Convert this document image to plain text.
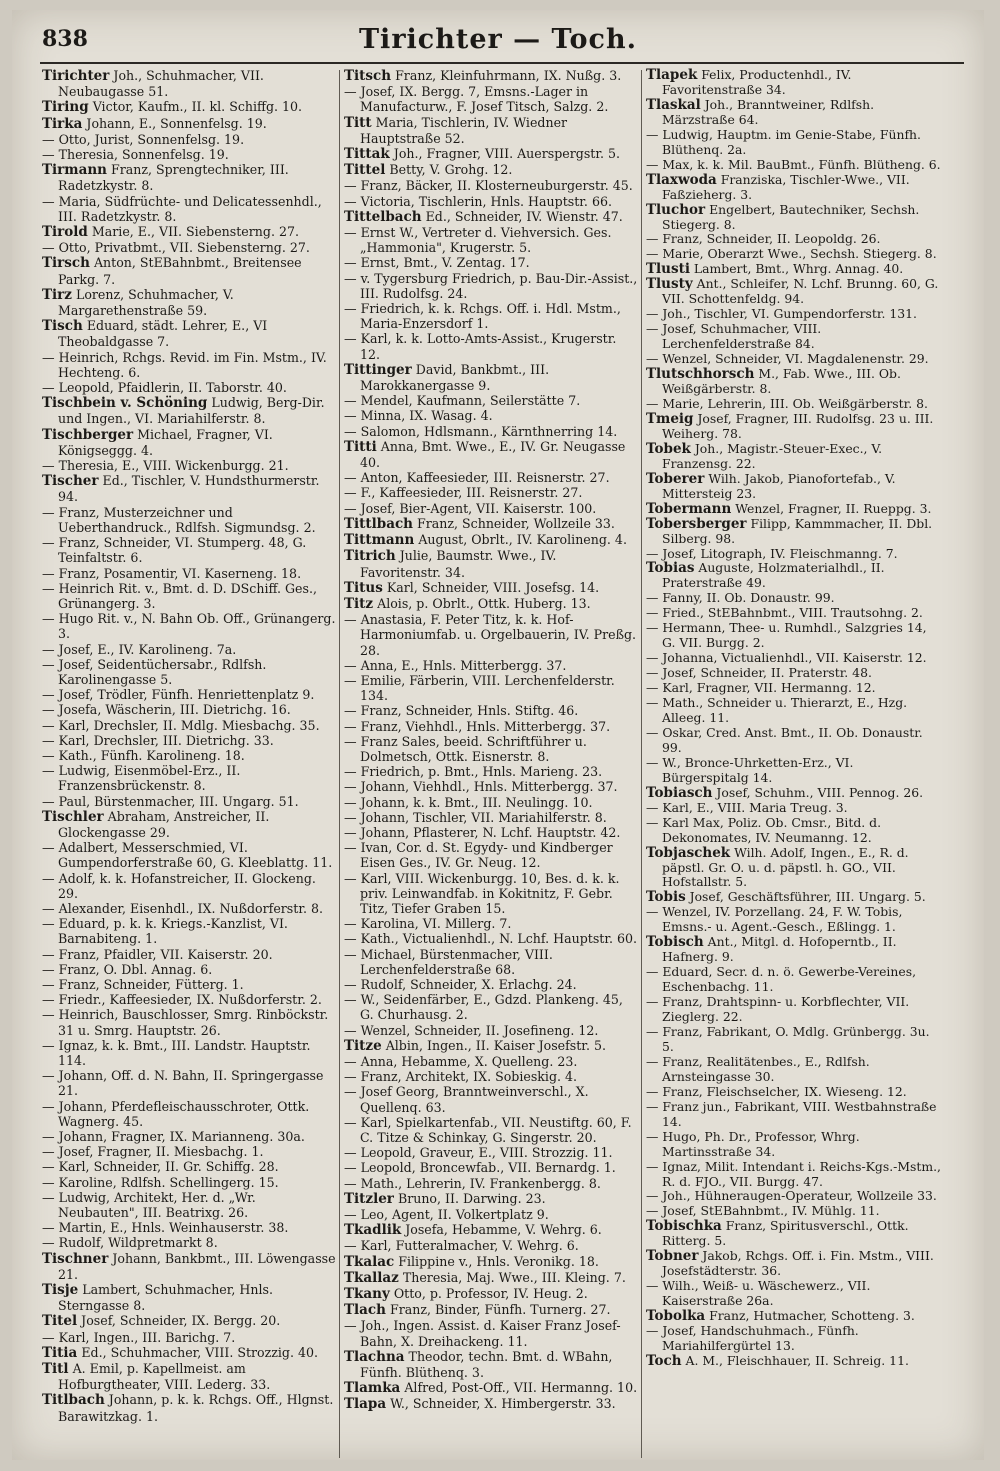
838	Tirichter — Toch.

Tirichter Joh., Schuhmacher, VII. Neubaugasse 51.

Tiring Victor, Kaufm., II. kl. Schiffg. 10.

Tirka Johann, E., Sonnenfelsg. 19.

— Otto, Jurist, Sonnenfelsg. 19.

— Theresia, Sonnenfelsg. 19.

Tirmann Franz, Sprengtechniker, III. Radetzkystr. 8.

— Maria, Südfrüchte- und Delicatessenhdl., III. Radetzkystr. 8.

Tirold Marie, E., VII. Siebensterng. 27.

— Otto, Privatbmt., VII. Siebensterng. 27.

Tirsch Anton, StEBahnbmt., Breitensee Parkg. 7.

Tirz Lorenz, Schuhmacher, V. Margarethenstraße 59.

Tisch Eduard, städt. Lehrer, E., VI Theobaldgasse 7.

— Heinrich, Rchgs. Revid. im Fin. Mstm., IV. Hechteng. 6.

— Leopold, Pfaidlerin, II. Taborstr. 40.

Tischbein v. Schöning Ludwig, Berg-Dir. und Ingen., VI. Mariahilferstr. 8.

Tischberger Michael, Fragner, VI. Königseggg. 4.

— Theresia, E., VIII. Wickenburgg. 21.

Tischer Ed., Tischler, V. Hundsthurmerstr. 94.

— Franz, Musterzeichner und Ueberthandruck., Rdlfsh. Sigmundsg. 2.

— Franz, Schneider, VI. Stumperg. 48, G. Teinfaltstr. 6.

— Franz, Posamentir, VI. Kaserneng. 18.

— Heinrich Rit. v., Bmt. d. D. DSchiff. Ges., Grünangerg. 3.

— Hugo Rit. v., N. Bahn Ob. Off., Grünangerg. 3.

— Josef, E., IV. Karolineng. 7a.

— Josef, Seidentüchersabr., Rdlfsh. Karolinengasse 5.

— Josef, Trödler, Fünfh. Henriettenplatz 9.

— Josefa, Wäscherin, III. Dietrichg. 16.

— Karl, Drechsler, II. Mdlg. Miesbachg. 35.

— Karl, Drechsler, III. Dietrichg. 33.

— Kath., Fünfh. Karolineng. 18.

— Ludwig, Eisenmöbel-Erz., II. Franzensbrückenstr. 8.

— Paul, Bürstenmacher, III. Ungarg. 51.

Tischler Abraham, Anstreicher, II. Glockengasse 29.

— Adalbert, Messerschmied, VI. Gumpendorferstraße 60, G. Kleeblattg. 11.

— Adolf, k. k. Hofanstreicher, II. Glockeng. 29.

— Alexander, Eisenhdl., IX. Nußdorferstr. 8.

— Eduard, p. k. k. Kriegs.-Kanzlist, VI. Barnabiteng. 1.

— Franz, Pfaidler, VII. Kaiserstr. 20.

— Franz, O. Dbl. Annag. 6.

— Franz, Schneider, Fütterg. 1.

— Friedr., Kaffeesieder, IX. Nußdorferstr. 2.

— Heinrich, Bauschlosser, Smrg. Rinböckstr. 31 u. Smrg. Hauptstr. 26.

— Ignaz, k. k. Bmt., III. Landstr. Hauptstr. 114.

— Johann, Off. d. N. Bahn, II. Springergasse 21.

— Johann, Pferdefleischausschroter, Ottk. Wagnerg. 45.

— Johann, Fragner, IX. Marianneng. 30a.

— Josef, Fragner, II. Miesbachg. 1.

— Karl, Schneider, II. Gr. Schiffg. 28.

— Karoline, Rdlfsh. Schellingerg. 15.

— Ludwig, Architekt, Her. d. „Wr. Neubauten", III. Beatrixg. 26.

— Martin, E., Hnls. Weinhauserstr. 38.

— Rudolf, Wildpretmarkt 8.

Tischner Johann, Bankbmt., III. Löwengasse 21.

Tisje Lambert, Schuhmacher, Hnls. Sterngasse 8.

Titel Josef, Schneider, IX. Bergg. 20.

— Karl, Ingen., III. Barichg. 7.

Titia Ed., Schuhmacher, VIII. Strozzig. 40.

Titl A. Emil, p. Kapellmeist. am Hofburgtheater, VIII. Lederg. 33.

Titlbach Johann, p. k. k. Rchgs. Off., Hlgnst. Barawitzkag. 1.

Titsch Franz, Kleinfuhrmann, IX. Nußg. 3.

— Josef, IX. Bergg. 7, Emsns.-Lager in Manufacturw., F. Josef Titsch, Salzg. 2.

Titt Maria, Tischlerin, IV. Wiedner Hauptstraße 52.

Tittak Joh., Fragner, VIII. Auerspergstr. 5.

Tittel Betty, V. Grohg. 12.

— Franz, Bäcker, II. Klosterneuburgerstr. 45.

— Victoria, Tischlerin, Hnls. Hauptstr. 66.

Tittelbach Ed., Schneider, IV. Wienstr. 47.

— Ernst W., Vertreter d. Viehversich. Ges. „Hammonia", Krugerstr. 5.

— Ernst, Bmt., V. Zentag. 17.

— v. Tygersburg Friedrich, p. Bau-Dir.-Assist., III. Rudolfsg. 24.

— Friedrich, k. k. Rchgs. Off. i. Hdl. Mstm., Maria-Enzersdorf 1.

— Karl, k. k. Lotto-Amts-Assist., Krugerstr. 12.

Tittinger David, Bankbmt., III. Marokkanergasse 9.

— Mendel, Kaufmann, Seilerstätte 7.

— Minna, IX. Wasag. 4.

— Salomon, Hdlsmann., Kärnthnerring 14.

Titti Anna, Bmt. Wwe., E., IV. Gr. Neugasse 40.

— Anton, Kaffeesieder, III. Reisnerstr. 27.

— F., Kaffeesieder, III. Reisnerstr. 27.

— Josef, Bier-Agent, VII. Kaiserstr. 100.

Tittlbach Franz, Schneider, Wollzeile 33.

Tittmann August, Obrlt., IV. Karolineng. 4.

Titrich Julie, Baumstr. Wwe., IV. Favoritenstr. 34.

Titus Karl, Schneider, VIII. Josefsg. 14.

Titz Alois, p. Obrlt., Ottk. Huberg. 13.

— Anastasia, F. Peter Titz, k. k. Hof-Harmoniumfab. u. Orgelbauerin, IV. Preßg. 28.

— Anna, E., Hnls. Mitterbergg. 37.

— Emilie, Färberin, VIII. Lerchenfelderstr. 134.

— Franz, Schneider, Hnls. Stiftg. 46.

— Franz, Viehhdl., Hnls. Mitterbergg. 37.

— Franz Sales, beeid. Schriftführer u. Dolmetsch, Ottk. Eisnerstr. 8.

— Friedrich, p. Bmt., Hnls. Marieng. 23.

— Johann, Viehhdl., Hnls. Mitterbergg. 37.

— Johann, k. k. Bmt., III. Neulingg. 10.

— Johann, Tischler, VII. Mariahilferstr. 8.

— Johann, Pflasterer, N. Lchf. Hauptstr. 42.

— Ivan, Cor. d. St. Egydy- und Kindberger Eisen Ges., IV. Gr. Neug. 12.

— Karl, VIII. Wickenburgg. 10, Bes. d. k. k. priv. Leinwandfab. in Kokitnitz, F. Gebr. Titz, Tiefer Graben 15.

— Karolina, VI. Millerg. 7.

— Kath., Victualienhdl., N. Lchf. Hauptstr. 60.

— Michael, Bürstenmacher, VIII. Lerchenfelderstraße 68.

— Rudolf, Schneider, X. Erlachg. 24.

— W., Seidenfärber, E., Gdzd. Plankeng. 45, G. Churhausg. 2.

— Wenzel, Schneider, II. Josefineng. 12.

Titze Albin, Ingen., II. Kaiser Josefstr. 5.

— Anna, Hebamme, X. Quelleng. 23.

— Franz, Architekt, IX. Sobieskig. 4.

— Josef Georg, Branntweinverschl., X. Quellenq. 63.

— Karl, Spielkartenfab., VII. Neustiftg. 60, F. C. Titze & Schinkay, G. Singerstr. 20.

— Leopold, Graveur, E., VIII. Strozzig. 11.

— Leopold, Broncewfab., VII. Bernardg. 1.

— Math., Lehrerin, IV. Frankenbergg. 8.

Titzler Bruno, II. Darwing. 23.

— Leo, Agent, II. Volkertplatz 9.

Tkadlik Josefa, Hebamme, V. Wehrg. 6.

— Karl, Futteralmacher, V. Wehrg. 6.

Tkalac Filippine v., Hnls. Veronikg. 18.

Tkallaz Theresia, Maj. Wwe., III. Kleing. 7.

Tkany Otto, p. Professor, IV. Heug. 2.

Tlach Franz, Binder, Fünfh. Turnerg. 27.

— Joh., Ingen. Assist. d. Kaiser Franz Josef-Bahn, X. Dreihackeng. 11.

Tlachna Theodor, techn. Bmt. d. WBahn, Fünfh. Blüthenq. 3.

Tlamka Alfred, Post-Off., VII. Hermanng. 10.

Tlapa W., Schneider, X. Himbergerstr. 33.

Tlapek Felix, Productenhdl., IV. Favoritenstraße 34.

Tlaskal Joh., Branntweiner, Rdlfsh. Märzstraße 64.

— Ludwig, Hauptm. im Genie-Stabe, Fünfh. Blüthenq. 2a.

— Max, k. k. Mil. BauBmt., Fünfh. Blütheng. 6.

Tlaxwoda Franziska, Tischler-Wwe., VII. Faßzieherg. 3.

Tluchor Engelbert, Bautechniker, Sechsh. Stiegerg. 8.

— Franz, Schneider, II. Leopoldg. 26.

— Marie, Oberarzt Wwe., Sechsh. Stiegerg. 8.

Tlusti Lambert, Bmt., Whrg. Annag. 40.

Tlusty Ant., Schleifer, N. Lchf. Brunng. 60, G. VII. Schottenfeldg. 94.

— Joh., Tischler, VI. Gumpendorferstr. 131.

— Josef, Schuhmacher, VIII. Lerchenfelderstraße 84.

— Wenzel, Schneider, VI. Magdalenenstr. 29.

Tlutschhorsch M., Fab. Wwe., III. Ob. Weißgärberstr. 8.

— Marie, Lehrerin, III. Ob. Weißgärberstr. 8.

Tmeig Josef, Fragner, III. Rudolfsg. 23 u. III. Weiherg. 78.

Tobek Joh., Magistr.-Steuer-Exec., V. Franzensg. 22.

Toberer Wilh. Jakob, Pianofortefab., V. Mittersteig 23.

Tobermann Wenzel, Fragner, II. Rueppg. 3.

Tobersberger Filipp, Kammmacher, II. Dbl. Silberg. 98.

— Josef, Litograph, IV. Fleischmanng. 7.

Tobias Auguste, Holzmaterialhdl., II. Praterstraße 49.

— Fanny, II. Ob. Donaustr. 99.

— Fried., StEBahnbmt., VIII. Trautsohng. 2.

— Hermann, Thee- u. Rumhdl., Salzgries 14, G. VII. Burgg. 2.

— Johanna, Victualienhdl., VII. Kaiserstr. 12.

— Josef, Schneider, II. Praterstr. 48.

— Karl, Fragner, VII. Hermanng. 12.

— Math., Schneider u. Thierarzt, E., Hzg. Alleeg. 11.

— Oskar, Cred. Anst. Bmt., II. Ob. Donaustr. 99.

— W., Bronce-Uhrketten-Erz., VI. Bürgerspitalg 14.

Tobiasch Josef, Schuhm., VIII. Pennog. 26.

— Karl, E., VIII. Maria Treug. 3.

— Karl Max, Poliz. Ob. Cmsr., Bitd. d. Dekonomates, IV. Neumanng. 12.

Tobjaschek Wilh. Adolf, Ingen., E., R. d. päpstl. Gr. O. u. d. päpstl. h. GO., VII. Hofstallstr. 5.

Tobis Josef, Geschäftsführer, III. Ungarg. 5.

— Wenzel, IV. Porzellang. 24, F. W. Tobis, Emsns.- u. Agent.-Gesch., Eßlingg. 1.

Tobisch Ant., Mitgl. d. Hofoperntb., II. Hafnerg. 9.

— Eduard, Secr. d. n. ö. Gewerbe-Vereines, Eschenbachg. 11.

— Franz, Drahtspinn- u. Korbflechter, VII. Zieglerg. 22.

— Franz, Fabrikant, O. Mdlg. Grünbergg. 3u. 5.

— Franz, Realitätenbes., E., Rdlfsh. Arnsteingasse 30.

— Franz, Fleischselcher, IX. Wieseng. 12.

— Franz jun., Fabrikant, VIII. Westbahnstraße 14.

— Hugo, Ph. Dr., Professor, Whrg. Martinsstraße 34.

— Ignaz, Milit. Intendant i. Reichs-Kgs.-Mstm., R. d. FJO., VII. Burgg. 47.

— Joh., Hühneraugen-Operateur, Wollzeile 33.

— Josef, StEBahnbmt., IV. Mühlg. 11.

Tobischka Franz, Spiritusverschl., Ottk. Ritterg. 5.

Tobner Jakob, Rchgs. Off. i. Fin. Mstm., VIII. Josefstädterstr. 36.

— Wilh., Weiß- u. Wäschewerz., VII. Kaiserstraße 26a.

Tobolka Franz, Hutmacher, Schotteng. 3.

— Josef, Handschuhmach., Fünfh. Mariahilfergürtel 13.

Toch A. M., Fleischhauer, II. Schreig. 11.
